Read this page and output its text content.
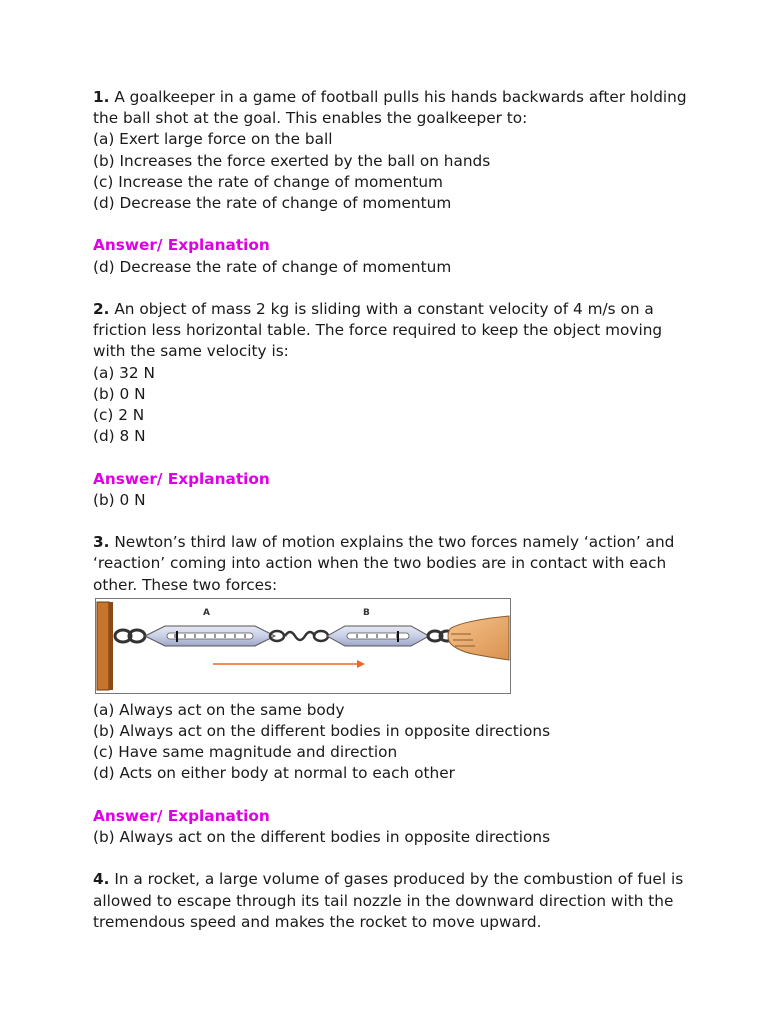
1. A goalkeeper in a game of football pulls his hands backwards after holding
the ball shot at the goal. This enables the goalkeeper to:
(a) Exert large force on the ball
(b) Increases the force exerted by the ball on hands
(c) Increase the rate of change of momentum
(d) Decrease the rate of change of momentum
Answer/ Explanation
(d) Decrease the rate of change of momentum
2. An object of mass 2 kg is sliding with a constant velocity of 4 m/s on a
friction less horizontal table. The force required to keep the object moving
with the same velocity is:
(a) 32 N
(b) 0 N
(c) 2 N
(d) 8 N
Answer/ Explanation
(b) 0 N
3. Newton’s third law of motion explains the two forces namely ‘action’ and
‘reaction’ coming into action when the two bodies are in contact with each
other. These two forces:
A	B
(a) Always act on the same body
(b) Always act on the different bodies in opposite directions
(c) Have same magnitude and direction
(d) Acts on either body at normal to each other
Answer/ Explanation
(b) Always act on the different bodies in opposite directions
4. In a rocket, a large volume of gases produced by the combustion of fuel is
allowed to escape through its tail nozzle in the downward direction with the
tremendous speed and makes the rocket to move upward.
